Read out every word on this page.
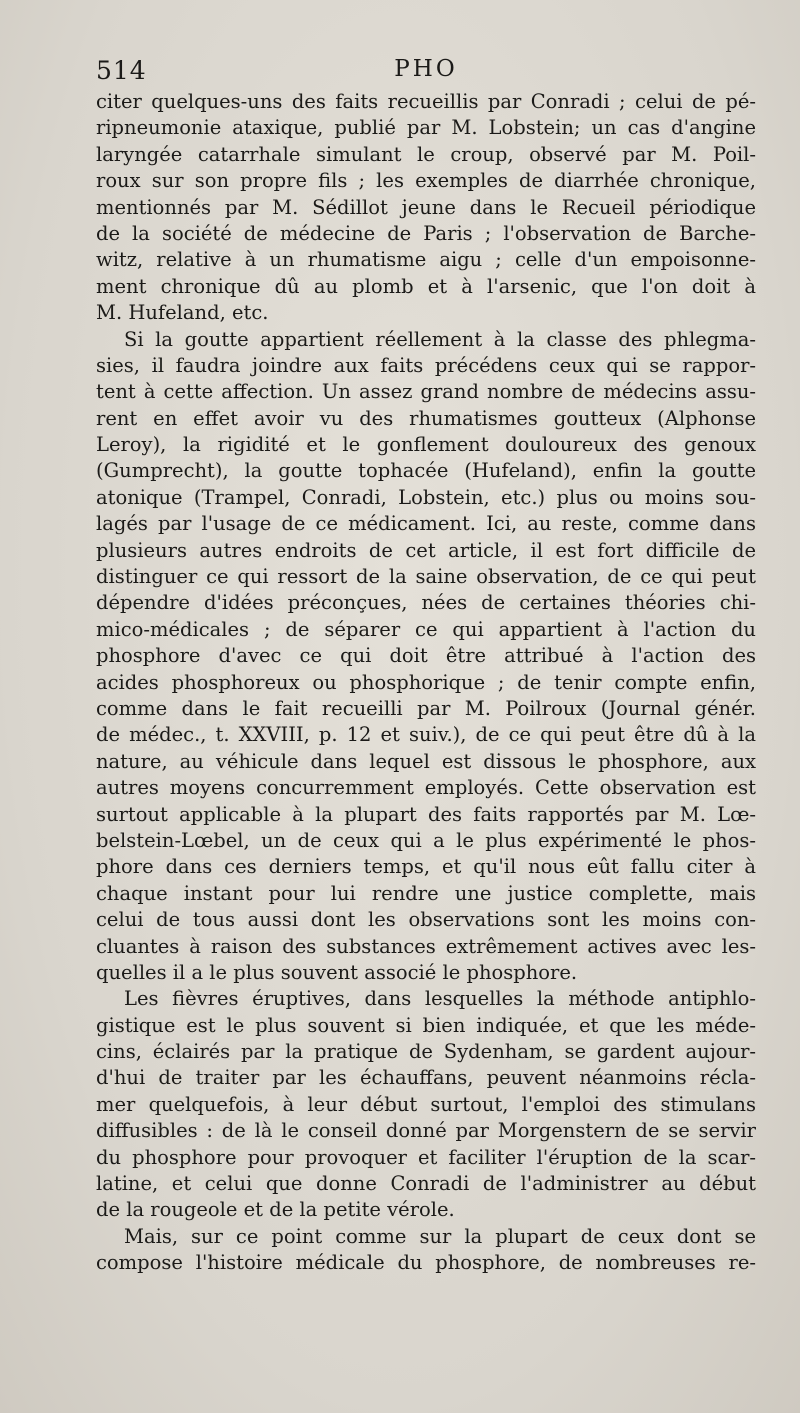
514	PHO
citer quelques-uns des faits recueillis par Conradi ; celui de pé-
ripneumonie ataxique, publié par M. Lobstein; un cas d'angine
laryngée catarrhale simulant le croup, observé par M. Poil-
roux sur son propre fils ; les exemples de diarrhée chronique,
mentionnés par M. Sédillot jeune dans le Recueil périodique
de la société de médecine de Paris ; l'observation de Barche-
witz, relative à un rhumatisme aigu ; celle d'un empoisonne-
ment chronique dû au plomb et à l'arsenic, que l'on doit à
M. Hufeland, etc.
Si la goutte appartient réellement à la classe des phlegma-
sies, il faudra joindre aux faits précédens ceux qui se rappor-
tent à cette affection. Un assez grand nombre de médecins assu-
rent en effet avoir vu des rhumatismes goutteux (Alphonse
Leroy), la rigidité et le gonflement douloureux des genoux
(Gumprecht), la goutte tophacée (Hufeland), enfin la goutte
atonique (Trampel, Conradi, Lobstein, etc.) plus ou moins sou-
lagés par l'usage de ce médicament. Ici, au reste, comme dans
plusieurs autres endroits de cet article, il est fort difficile de
distinguer ce qui ressort de la saine observation, de ce qui peut
dépendre d'idées préconçues, nées de certaines théories chi-
mico-médicales ; de séparer ce qui appartient à l'action du
phosphore d'avec ce qui doit être attribué à l'action des
acides phosphoreux ou phosphorique ; de tenir compte enfin,
comme dans le fait recueilli par M. Poilroux (Journal génér.
de médec., t. XXVIII, p. 12 et suiv.), de ce qui peut être dû à la
nature, au véhicule dans lequel est dissous le phosphore, aux
autres moyens concurremment employés. Cette observation est
surtout applicable à la plupart des faits rapportés par M. Lœ-
belstein-Lœbel, un de ceux qui a le plus expérimenté le phos-
phore dans ces derniers temps, et qu'il nous eût fallu citer à
chaque instant pour lui rendre une justice complette, mais
celui de tous aussi dont les observations sont les moins con-
cluantes à raison des substances extrêmement actives avec les-
quelles il a le plus souvent associé le phosphore.
Les fièvres éruptives, dans lesquelles la méthode antiphlo-
gistique est le plus souvent si bien indiquée, et que les méde-
cins, éclairés par la pratique de Sydenham, se gardent aujour-
d'hui de traiter par les échauffans, peuvent néanmoins récla-
mer quelquefois, à leur début surtout, l'emploi des stimulans
diffusibles : de là le conseil donné par Morgenstern de se servir
du phosphore pour provoquer et faciliter l'éruption de la scar-
latine, et celui que donne Conradi de l'administrer au début
de la rougeole et de la petite vérole.
Mais, sur ce point comme sur la plupart de ceux dont se
compose l'histoire médicale du phosphore, de nombreuses re-
